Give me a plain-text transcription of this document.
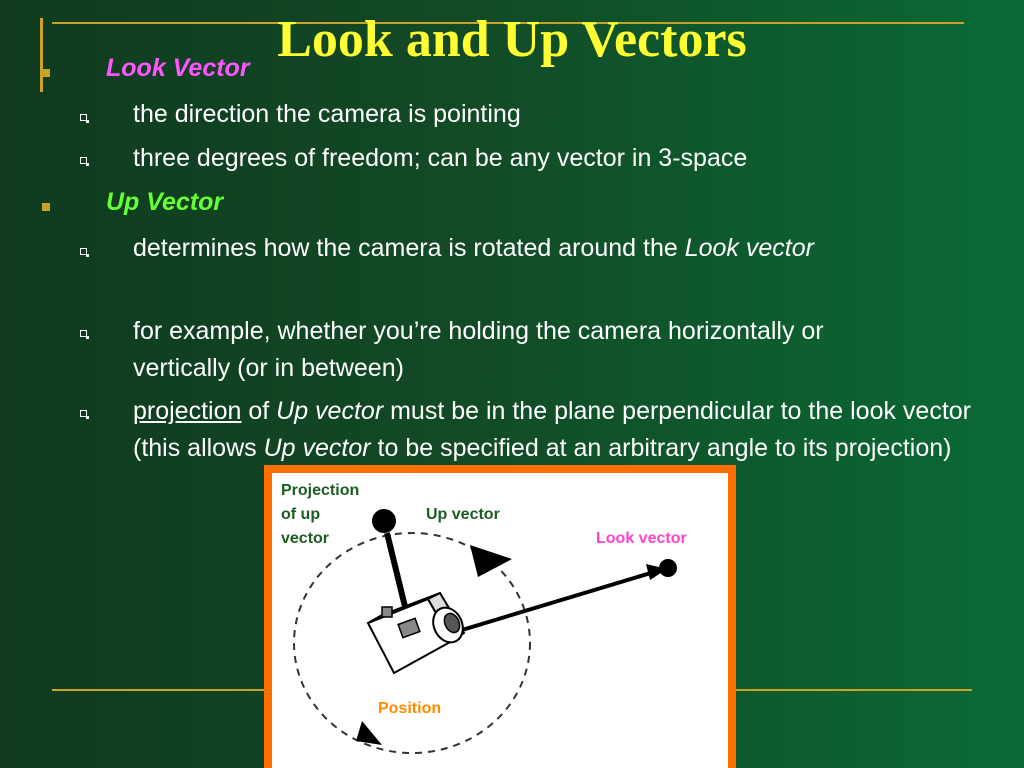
Look Vector
the direction the camera is pointing
three degrees of freedom; can be any vector in 3-space
Up Vector
determines how the camera is rotated around the Look vector
for example, whether you’re holding the camera horizontally or vertically (or in between)
projection of Up vector must be in the plane perpendicular to the look vector (this allows Up vector to be specified at an arbitrary angle to its projection)
Look and Up Vectors
Projection
of up
vector
Up vector
Look vector
Position
